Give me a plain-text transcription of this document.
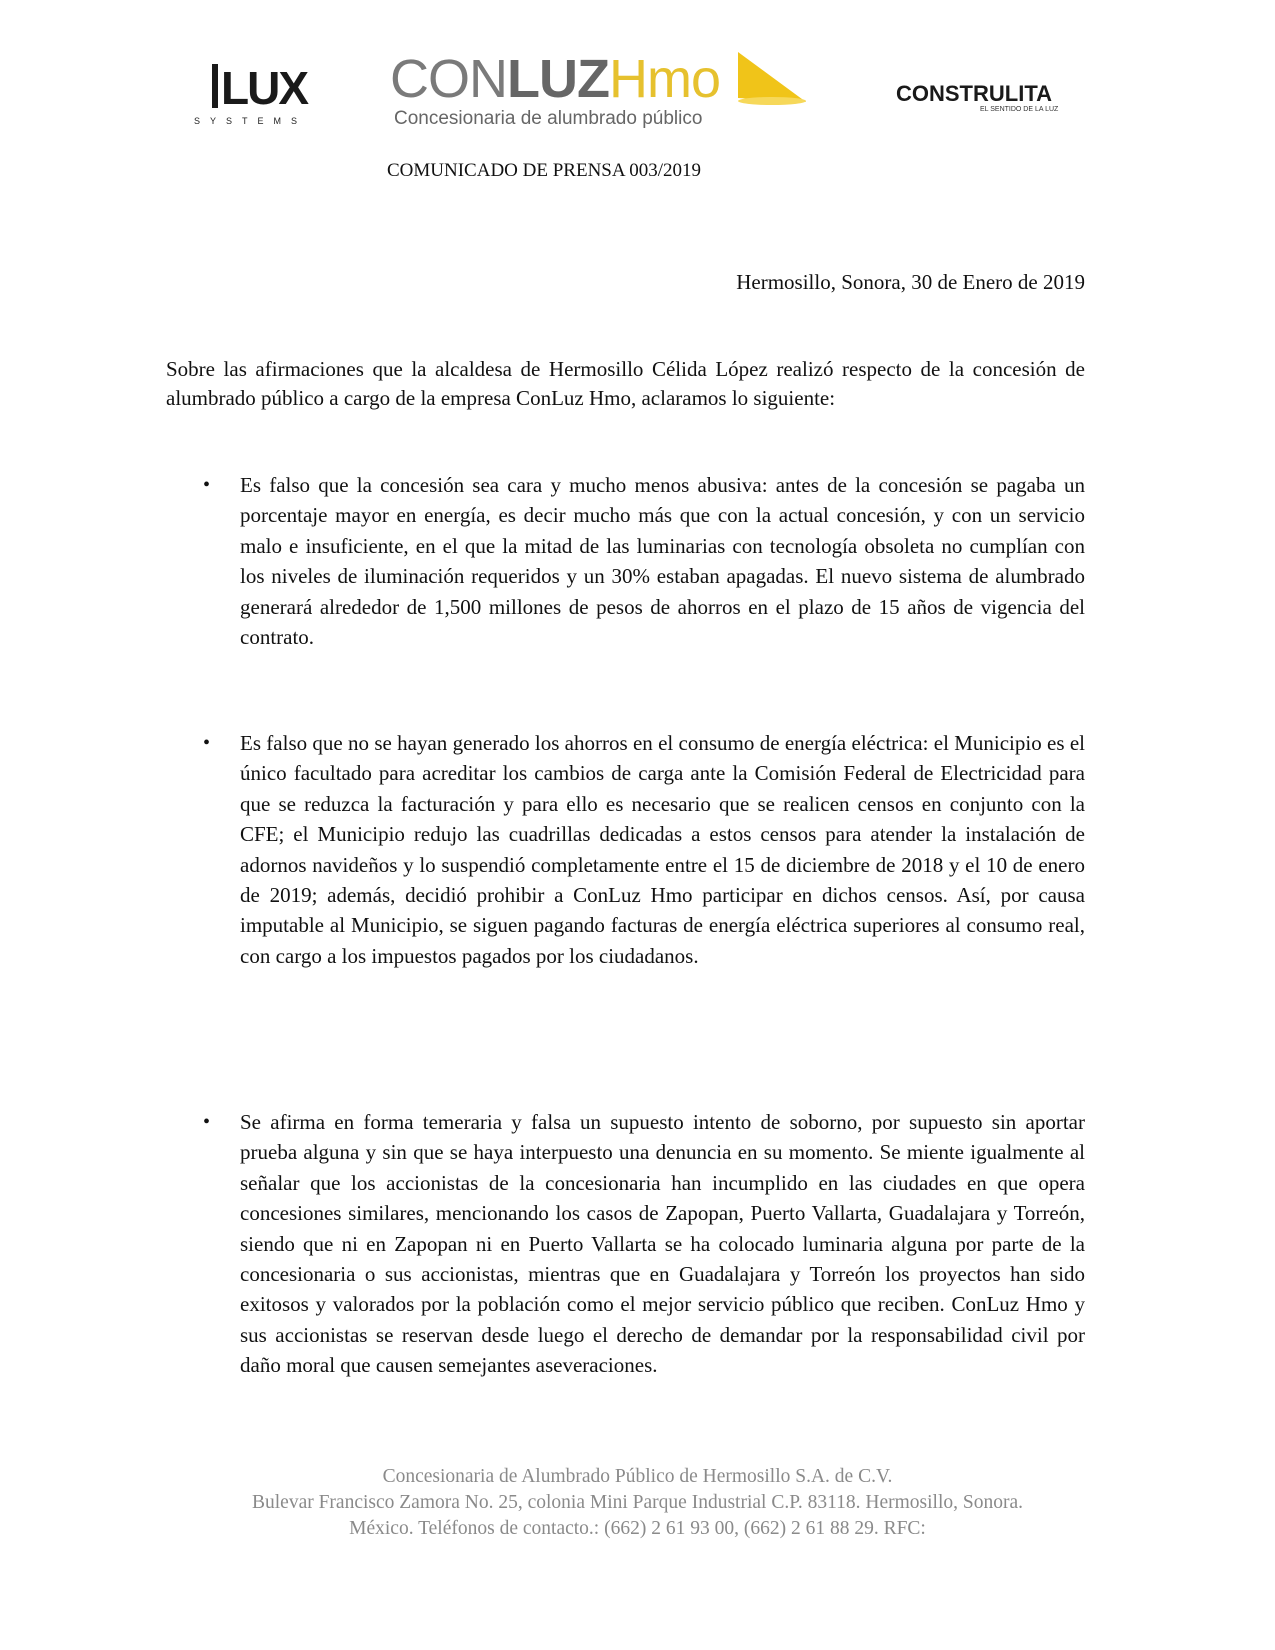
LUX
SYSTEMS
CONLUZHmo
Concesionaria de alumbrado público
CONSTRULITA
EL SENTIDO DE LA LUZ
COMUNICADO DE PRENSA 003/2019
Hermosillo, Sonora, 30 de Enero de 2019

Sobre las afirmaciones que la alcaldesa de Hermosillo Célida López realizó respecto de la concesión de alumbrado público a cargo de la empresa ConLuz Hmo, aclaramos lo siguiente:

• Es falso que la concesión sea cara y mucho menos abusiva: antes de la concesión se pagaba un porcentaje mayor en energía, es decir mucho más que con la actual concesión, y con un servicio malo e insuficiente, en el que la mitad de las luminarias con tecnología obsoleta no cumplían con los niveles de iluminación requeridos y un 30% estaban apagadas. El nuevo sistema de alumbrado generará alrededor de 1,500 millones de pesos de ahorros en el plazo de 15 años de vigencia del contrato.

• Es falso que no se hayan generado los ahorros en el consumo de energía eléctrica: el Municipio es el único facultado para acreditar los cambios de carga ante la Comisión Federal de Electricidad para que se reduzca la facturación y para ello es necesario que se realicen censos en conjunto con la CFE; el Municipio redujo las cuadrillas dedicadas a estos censos para atender la instalación de adornos navideños y lo suspendió completamente entre el 15 de diciembre de 2018 y el 10 de enero de 2019; además, decidió prohibir a ConLuz Hmo participar en dichos censos. Así, por causa imputable al Municipio, se siguen pagando facturas de energía eléctrica superiores al consumo real, con cargo a los impuestos pagados por los ciudadanos.

• Se afirma en forma temeraria y falsa un supuesto intento de soborno, por supuesto sin aportar prueba alguna y sin que se haya interpuesto una denuncia en su momento. Se miente igualmente al señalar que los accionistas de la concesionaria han incumplido en las ciudades en que opera concesiones similares, mencionando los casos de Zapopan, Puerto Vallarta, Guadalajara y Torreón, siendo que ni en Zapopan ni en Puerto Vallarta se ha colocado luminaria alguna por parte de la concesionaria o sus accionistas, mientras que en Guadalajara y Torreón los proyectos han sido exitosos y valorados por la población como el mejor servicio público que reciben. ConLuz Hmo y sus accionistas se reservan desde luego el derecho de demandar por la responsabilidad civil por daño moral que causen semejantes aseveraciones.

Concesionaria de Alumbrado Público de Hermosillo S.A. de C.V.
Bulevar Francisco Zamora No. 25, colonia Mini Parque Industrial C.P. 83118. Hermosillo, Sonora.
México. Teléfonos de contacto.: (662) 2 61 93 00, (662) 2 61 88 29. RFC:
